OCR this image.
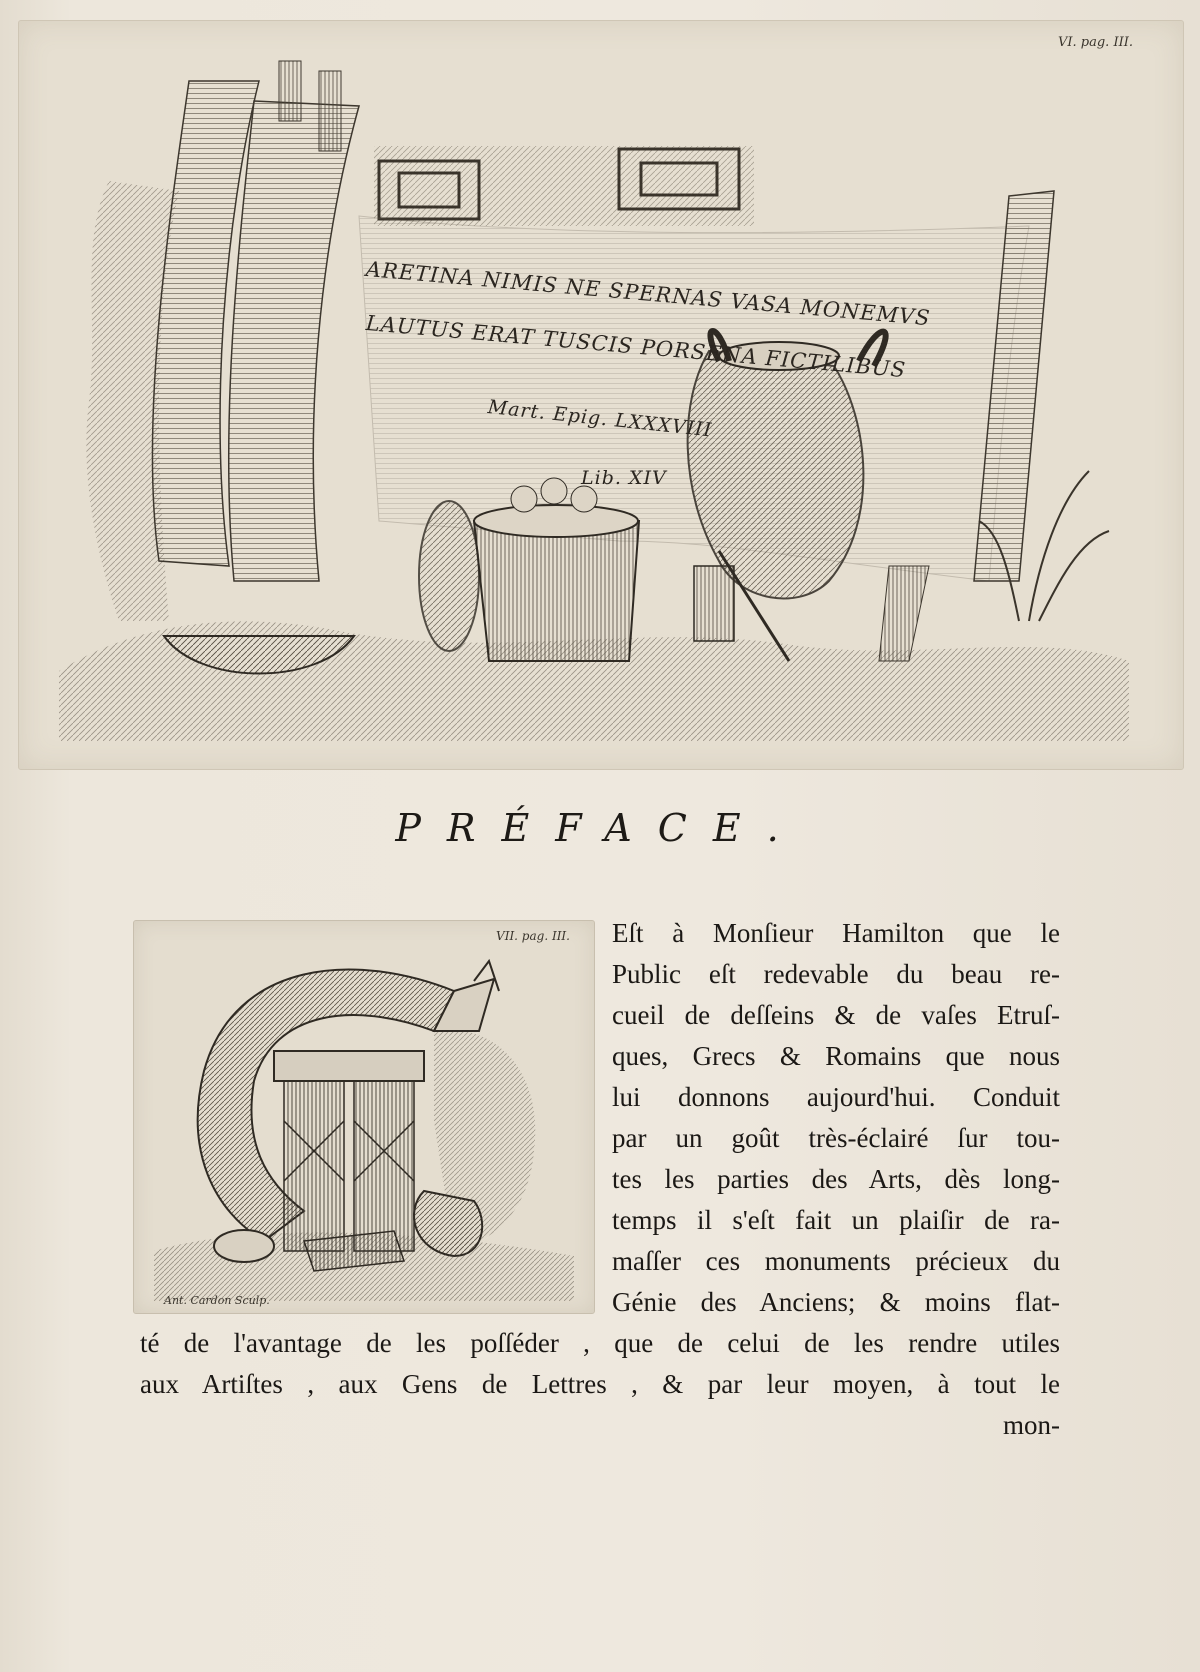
VI. pag. III.
ARETINA NIMIS NE SPERNAS VASA MONEMVS
LAUTUS ERAT TUSCIS PORSENA FICTILIBUS
Mart. Epig. LXXXVIII
Lib. XIV
PRÉFACE.
VII. pag. III.
Ant. Cardon Sculp.
Eſt à Monſieur Hamilton que le
Public eſt redevable du beau re-
cueil de deſſeins & de vaſes Etruſ-
ques, Grecs & Romains que nous
lui donnons aujourd'hui. Conduit
par un goût très-éclairé ſur tou-
tes les parties des Arts, dès long-
temps il s'eſt fait un plaiſir de ra-
maſſer ces monuments précieux du
Génie des Anciens; & moins flat-
té de l'avantage de les poſſéder , que de celui de les rendre utiles
aux Artiſtes , aux Gens de Lettres , & par leur moyen, à tout le
mon-
